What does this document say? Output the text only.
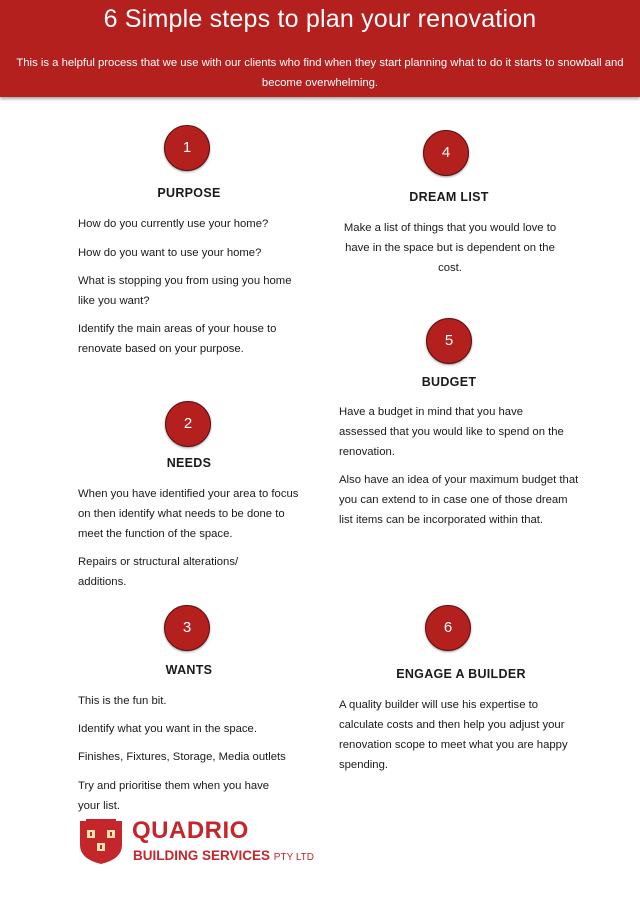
6 Simple steps to plan your renovation
This is a helpful process that we use with our clients who find when they start planning what to do it starts to snowball and become overwhelming.
1
PURPOSE

How do you currently use your home?

How do you want to use your home?

What is stopping you from using you home like you want?

Identify the main areas of your house to renovate based on your purpose.

2
NEEDS

When you have identified your area to focus on then identify what needs to be done to meet the function of the space.

Repairs or structural alterations/ additions.

3
WANTS

This is the fun bit.

Identify what you want in the space.

Finishes, Fixtures, Storage, Media outlets

Try and prioritise them when you have your list.

4
DREAM LIST

Make a list of things that you would love to have in the space but is dependent on the cost.

5
BUDGET

Have a budget in mind that you have assessed that you would like to spend on the renovation.

Also have an idea of your maximum budget that you can extend to in case one of those dream list items can be incorporated within that.

6
ENGAGE A BUILDER

A quality builder will use his expertise to calculate costs and then help you adjust your renovation scope to meet what you are happy spending.

QUADRIO
BUILDING SERVICES PTY LTD
